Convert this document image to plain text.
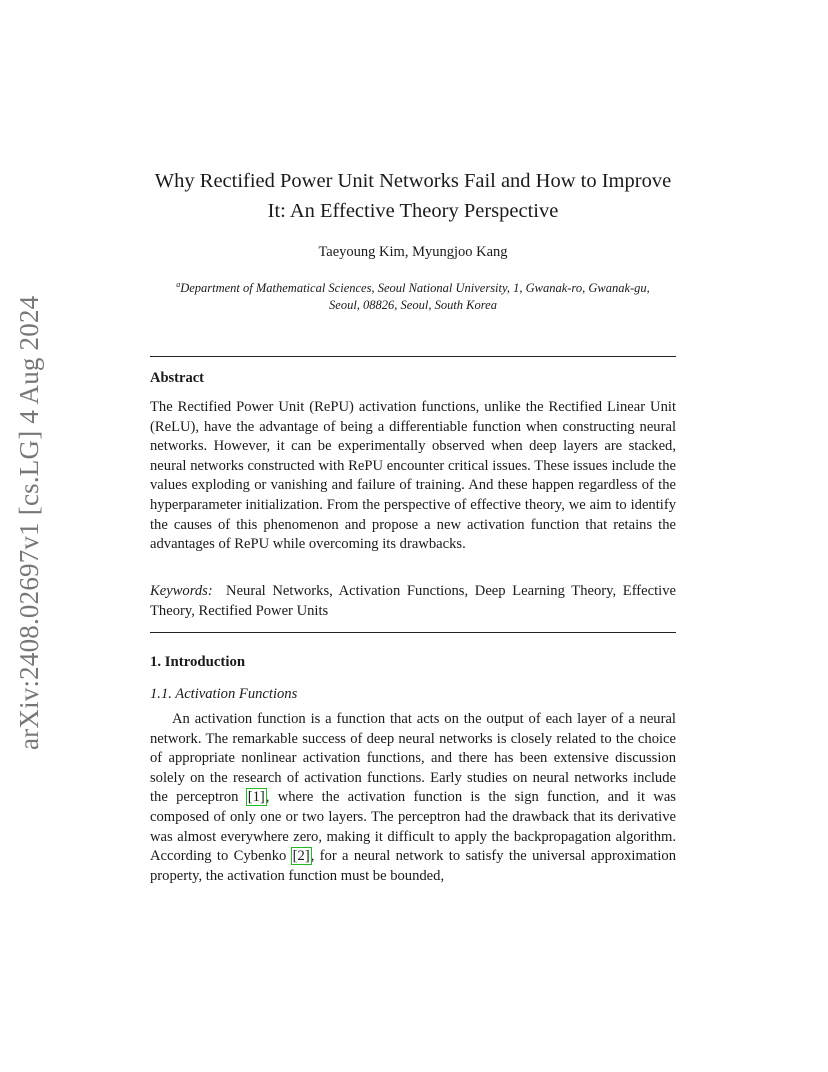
arXiv:2408.02697v1 [cs.LG] 4 Aug 2024
Why Rectified Power Unit Networks Fail and How to Improve It: An Effective Theory Perspective
Taeyoung Kim, Myungjoo Kang
$^a$Department of Mathematical Sciences, Seoul National University, 1, Gwanak-ro, Gwanak-gu, Seoul, 08826, Seoul, South Korea
Abstract
The Rectified Power Unit (RePU) activation functions, unlike the Rectified Linear Unit (ReLU), have the advantage of being a differentiable function when constructing neural networks. However, it can be experimentally observed when deep layers are stacked, neural networks constructed with RePU encounter critical issues. These issues include the values exploding or vanishing and failure of training. And these happen regardless of the hyperparameter initialization. From the perspective of effective theory, we aim to identify the causes of this phenomenon and propose a new activation function that retains the advantages of RePU while overcoming its drawbacks.
Keywords: Neural Networks, Activation Functions, Deep Learning Theory, Effective Theory, Rectified Power Units
1. Introduction
1.1. Activation Functions
An activation function is a function that acts on the output of each layer of a neural network. The remarkable success of deep neural networks is closely related to the choice of appropriate nonlinear activation functions, and there has been extensive discussion solely on the research of activation functions. Early studies on neural networks include the perceptron [1], where the activation function is the sign function, and it was composed of only one or two layers. The perceptron had the drawback that its derivative was almost everywhere zero, making it difficult to apply the backpropagation algorithm. According to Cybenko [2], for a neural network to satisfy the universal approximation property, the activation function must be bounded,
